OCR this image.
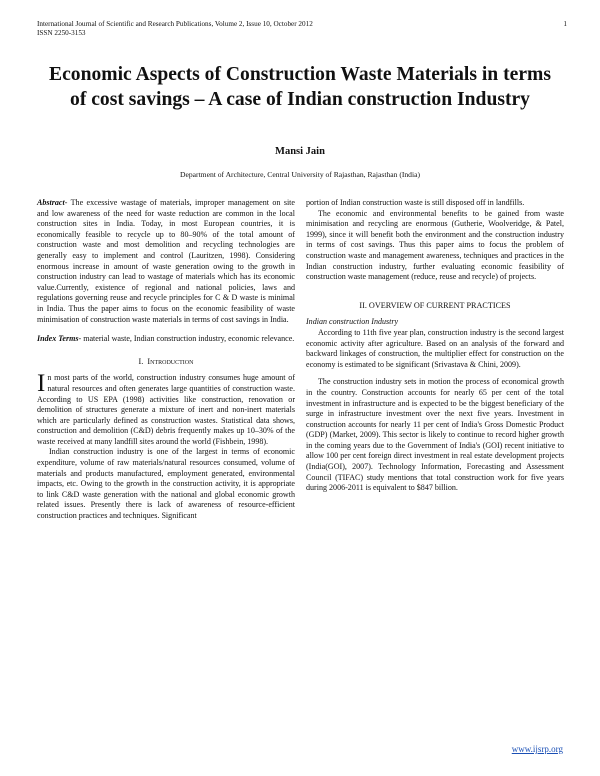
International Journal of Scientific and Research Publications, Volume 2, Issue 10, October 2012
ISSN 2250-3153
1
Economic Aspects of Construction Waste Materials in terms of cost savings – A case of Indian construction Industry
Mansi Jain
Department of Architecture, Central University of Rajasthan, Rajasthan (India)

Abstract- The excessive wastage of materials, improper management on site and low awareness of the need for waste reduction are common in the local construction sites in India. Today, in most European countries, it is economically feasible to recycle up to 80–90% of the total amount of construction waste and most demolition and recycling technologies are generally easy to implement and control (Lauritzen, 1998). Considering enormous increase in amount of waste generation owing to the growth in construction industry can lead to wastage of materials which has its economic value.Currently, existence of regional and national policies, laws and regulations governing reuse and recycle principles for C & D waste is minimal in India. Thus the paper aims to focus on the economic feasibility of waste minimisation of construction waste materials in terms of cost savings in India.

Index Terms- material waste, Indian construction industry, economic relevance.

I. Introduction

In most parts of the world, construction industry consumes huge amount of natural resources and often generates large quantities of construction waste. According to US EPA (1998) activities like construction, renovation or demolition of structures generate a mixture of inert and non-inert materials which are particularly defined as construction wastes. Statistical data shows, construction and demolition (C&D) debris frequently makes up 10–30% of the waste received at many landfill sites around the world (Fishbein, 1998).

Indian construction industry is one of the largest in terms of economic expenditure, volume of raw materials/natural resources consumed, volume of materials and products manufactured, employment generated, environmental impacts, etc. Owing to the growth in the construction activity, it is appropriate to link C&D waste generation with the national and global economic growth related issues. Presently there is lack of awareness of resource-efficient construction practices and techniques. Significant

portion of Indian construction waste is still disposed off in landfills.

The economic and environmental benefits to be gained from waste minimisation and recycling are enormous (Gutherie, Woolveridge, & Patel, 1999), since it will benefit both the environment and the construction industry in terms of cost savings. Thus this paper aims to focus the problem of construction waste and management awareness, techniques and practices in the Indian construction industry, further evaluating economic feasibility of construction waste management (reduce, reuse and recycle) of projects.

II. OVERVIEW OF CURRENT PRACTICES

Indian construction Industry

According to 11th five year plan, construction industry is the second largest economic activity after agriculture. Based on an analysis of the forward and backward linkages of construction, the multiplier effect for construction on the economy is estimated to be significant (Srivastava & Chini, 2009).

The construction industry sets in motion the process of economical growth in the country. Construction accounts for nearly 65 per cent of the total investment in infrastructure and is expected to be the biggest beneficiary of the surge in infrastructure investment over the next five years. Investment in construction accounts for nearly 11 per cent of India's Gross Domestic Product (GDP) (Market, 2009). This sector is likely to continue to record higher growth in the coming years due to the Government of India's (GOI) recent initiative to allow 100 per cent foreign direct investment in real estate development projects (India(GOI), 2007). Technology Information, Forecasting and Assessment Council (TIFAC) study mentions that total construction work for five years during 2006-2011 is equivalent to $847 billion.

www.ijsrp.org
